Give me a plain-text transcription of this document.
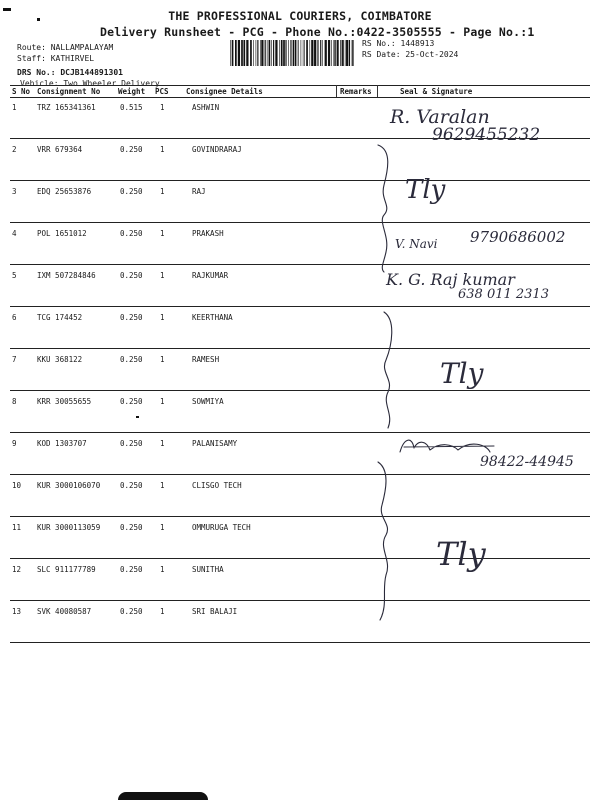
THE PROFESSIONAL COURIERS, COIMBATORE
Delivery Runsheet - PCG - Phone No.:0422-3505555 - Page No.:1
Route: NALLAMPALAYAM
Staff: KATHIRVEL
DRS No.: DCJB144891301
Vehicle: Two Wheeler Delivery
RS No.: 1448913
RS Date: 25-Oct-2024
S No Consignment No Weight PCS Consignee Details	Remarks	Seal & Signature
1	TRZ 165341361	0.515 1	ASHWIN
2	VRR 679364	0.250 1	GOVINDRARAJ
3	EDQ 25653876	0.250 1	RAJ
4	POL 1651012	0.250 1	PRAKASH
5	IXM 507284846	0.250 1	RAJKUMAR
6	TCG 174452	0.250 1	KEERTHANA
7	KKU 368122	0.250 1	RAMESH
8	KRR 30055655	0.250 1	SOWMIYA
9	KOD 1303707	0.250 1	PALANISAMY
10 KUR 3000106070	0.250 1	CLISGO TECH
11 KUR 3000113059	0.250 1	OMMURUGA TECH
12 SLC 911177789	0.250 1	SUNITHA
13 SVK 40080587	0.250 1	SRI BALAJI
R. Varalan
9629455232
Tly
V. Navi 9790686002
K. G. Raj kumar
638 011 2313
Tly
98422-44945
Tly
